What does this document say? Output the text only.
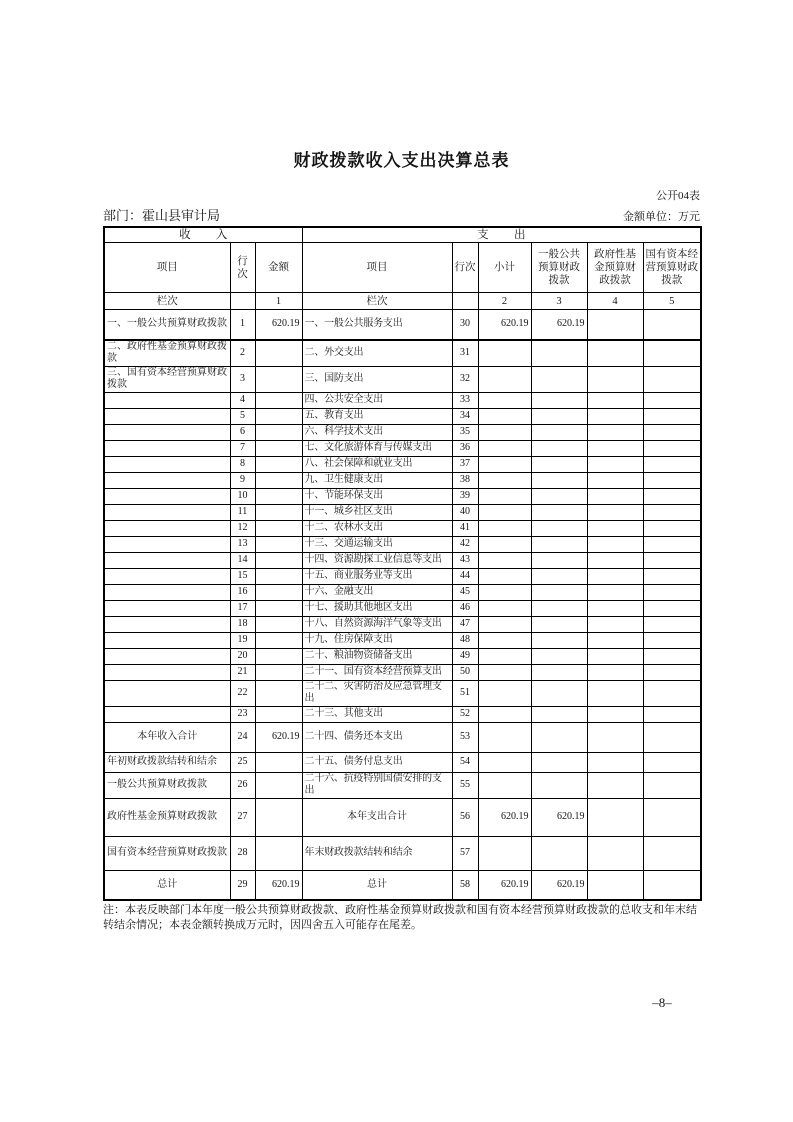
财政拨款收入支出决算总表
公开04表
部门：霍山县审计局	金额单位：万元
收入			支出					
项目	行次	金额	项目	行次	小计	一般公共预算财政拨款	政府性基金预算财政拨款	国有资本经营预算财政拨款
栏次		1	栏次		2	3	4	5
一、一般公共预算财政拨款	1	620.19	一、一般公共服务支出	30	620.19	620.19		
二、政府性基金预算财政拨款	2		二、外交支出	31				
三、国有资本经营预算财政拨款	3		三、国防支出	32				
	4		四、公共安全支出	33				
	5		五、教育支出	34				
	6		六、科学技术支出	35				
	7		七、文化旅游体育与传媒支出	36				
	8		八、社会保障和就业支出	37				
	9		九、卫生健康支出	38				
	10		十、节能环保支出	39				
	11		十一、城乡社区支出	40				
	12		十二、农林水支出	41				
	13		十三、交通运输支出	42				
	14		十四、资源勘探工业信息等支出	43				
	15		十五、商业服务业等支出	44				
	16		十六、金融支出	45				
	17		十七、援助其他地区支出	46				
	18		十八、自然资源海洋气象等支出	47				
	19		十九、住房保障支出	48				
	20		二十、粮油物资储备支出	49				
	21		二十一、国有资本经营预算支出	50				
	22		二十二、灾害防治及应急管理支出	51				
	23		二十三、其他支出	52				
本年收入合计	24	620.19	二十四、债务还本支出	53				
年初财政拨款结转和结余	25		二十五、债务付息支出	54				
一般公共预算财政拨款	26		二十六、抗疫特别国债安排的支出	55				
政府性基金预算财政拨款	27		本年支出合计	56	620.19	620.19		
国有资本经营预算财政拨款	28		年末财政拨款结转和结余	57				
总计	29	620.19	总计	58	620.19	620.19		

注：本表反映部门本年度一般公共预算财政拨款、政府性基金预算财政拨款和国有资本经营预算财政拨款的总收支和年末结转结余情况；本表金额转换成万元时，因四舍五入可能存在尾差。

–8–
